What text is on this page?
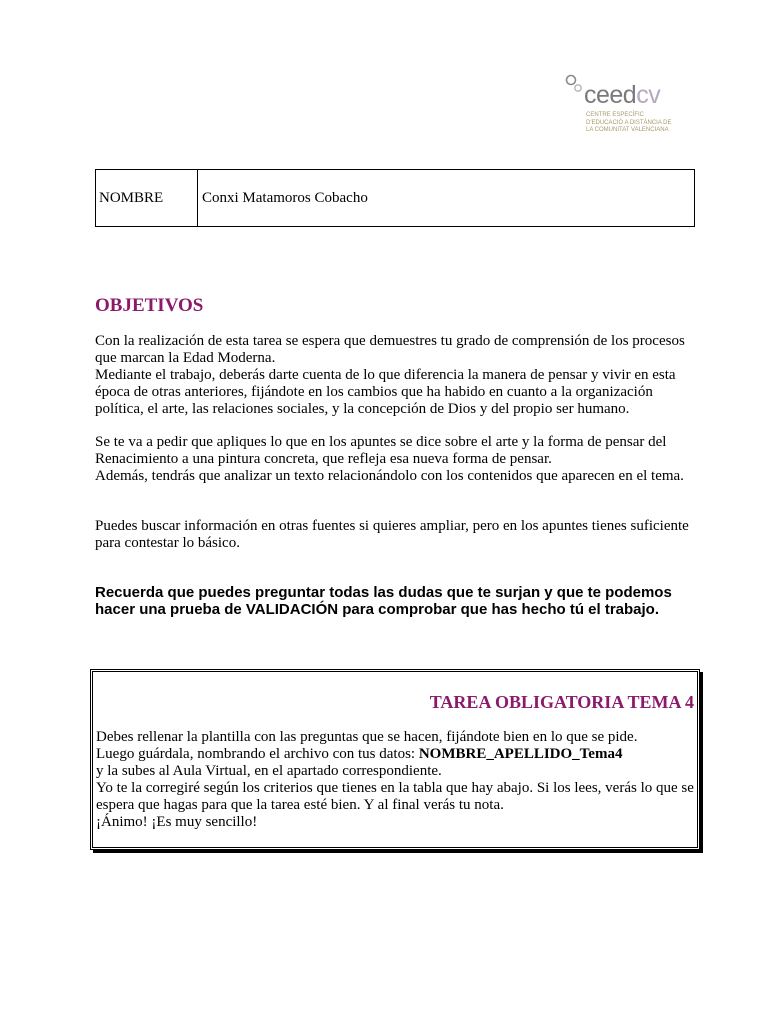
ceedcv
CENTRE ESPECÍFIC
D'EDUCACIÓ A DISTÀNCIA DE
LA COMUNITAT VALENCIANA
NOMBRE	Conxi Matamoros Cobacho
OBJETIVOS

Con la realización de esta tarea se espera que demuestres tu grado de comprensión de los procesos que marcan la Edad Moderna.
Mediante el trabajo, deberás darte cuenta de lo que diferencia la manera de pensar y vivir en esta época de otras anteriores, fijándote en los cambios que ha habido en cuanto a la organización política, el arte, las relaciones sociales, y la concepción de Dios y del propio ser humano.

Se te va a pedir que apliques lo que en los apuntes se dice sobre el arte y la forma de pensar del Renacimiento a una pintura concreta, que refleja esa nueva forma de pensar.
Además, tendrás que analizar un texto relacionándolo con los contenidos que aparecen en el tema.

Puedes buscar información en otras fuentes si quieres ampliar, pero en los apuntes tienes suficiente para contestar lo básico.

Recuerda que puedes preguntar todas las dudas que te surjan y que te podemos hacer una prueba de VALIDACIÓN para comprobar que has hecho tú el trabajo.

TAREA OBLIGATORIA TEMA 4
Debes rellenar la plantilla con las preguntas que se hacen, fijándote bien en lo que se pide.
Luego guárdala, nombrando el archivo con tus datos: NOMBRE_APELLIDO_Tema4
y la subes al Aula Virtual, en el apartado correspondiente.
Yo te la corregiré según los criterios que tienes en la tabla que hay abajo. Si los lees, verás lo que se espera que hagas para que la tarea esté bien. Y al final verás tu nota.
¡Ánimo! ¡Es muy sencillo!
